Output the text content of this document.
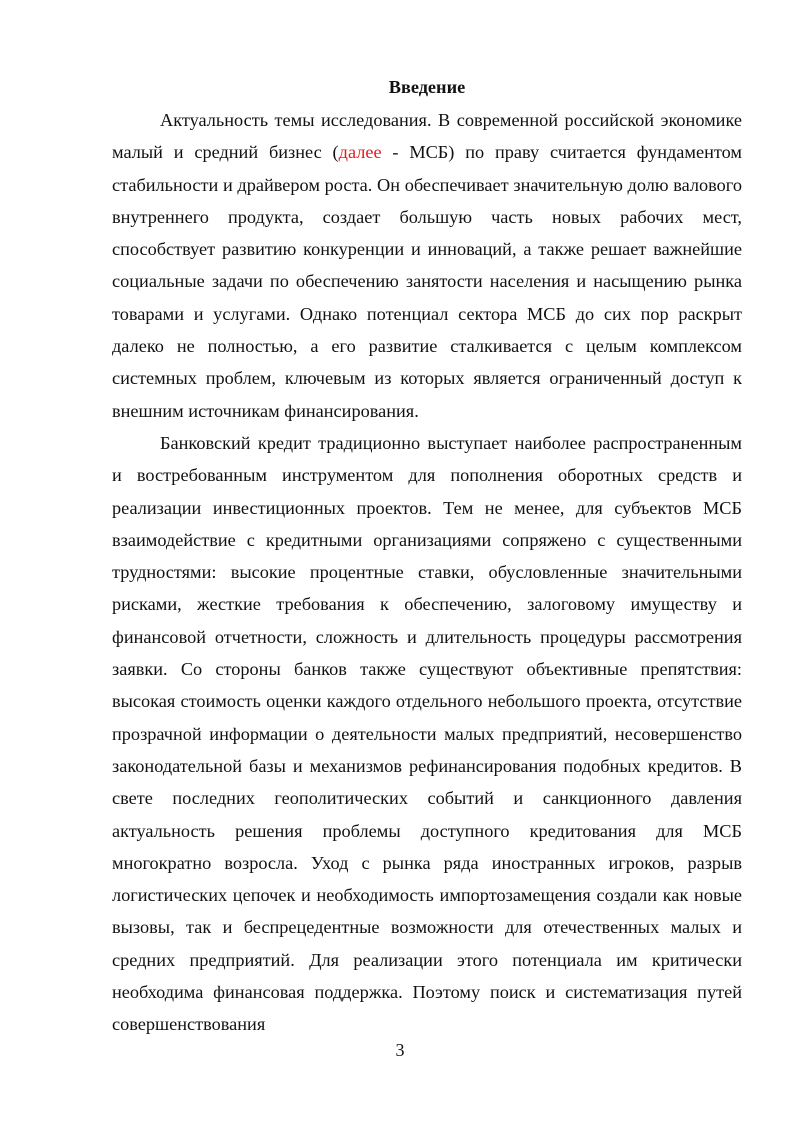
Введение

Актуальность темы исследования. В современной российской экономике малый и средний бизнес (далее - МСБ) по праву считается фундаментом стабильности и драйвером роста. Он обеспечивает значительную долю валового внутреннего продукта, создает большую часть новых рабочих мест, способствует развитию конкуренции и инноваций, а также решает важнейшие социальные задачи по обеспечению занятости населения и насыщению рынка товарами и услугами. Однако потенциал сектора МСБ до сих пор раскрыт далеко не полностью, а его развитие сталкивается с целым комплексом системных проблем, ключевым из которых является ограниченный доступ к внешним источникам финансирования.

Банковский кредит традиционно выступает наиболее распространенным и востребованным инструментом для пополнения оборотных средств и реализации инвестиционных проектов. Тем не менее, для субъектов МСБ взаимодействие с кредитными организациями сопряжено с существенными трудностями: высокие процентные ставки, обусловленные значительными рисками, жесткие требования к обеспечению, залоговому имуществу и финансовой отчетности, сложность и длительность процедуры рассмотрения заявки. Со стороны банков также существуют объективные препятствия: высокая стоимость оценки каждого отдельного небольшого проекта, отсутствие прозрачной информации о деятельности малых предприятий, несовершенство законодательной базы и механизмов рефинансирования подобных кредитов. В свете последних геополитических событий и санкционного давления актуальность решения проблемы доступного кредитования для МСБ многократно возросла. Уход с рынка ряда иностранных игроков, разрыв логистических цепочек и необходимость импортозамещения создали как новые вызовы, так и беспрецедентные возможности для отечественных малых и средних предприятий. Для реализации этого потенциала им критически необходима финансовая поддержка. Поэтому поиск и систематизация путей совершенствования

3
